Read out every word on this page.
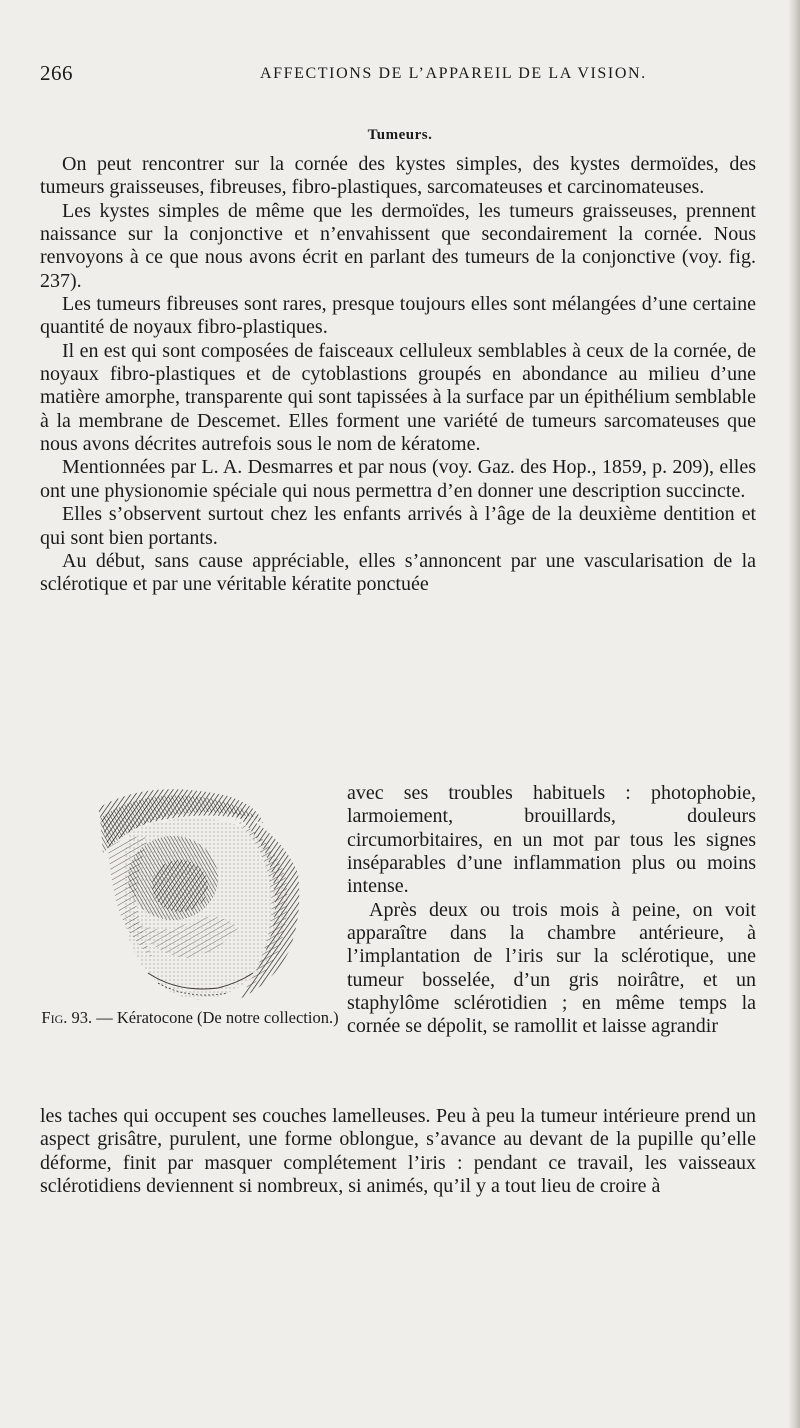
266	AFFECTIONS DE L’APPAREIL DE LA VISION.
Tumeurs.

On peut rencontrer sur la cornée des kystes simples, des kystes dermoïdes, des tumeurs graisseuses, fibreuses, fibro-plastiques, sarcomateuses et carcinomateuses.

Les kystes simples de même que les dermoïdes, les tumeurs graisseuses, prennent naissance sur la conjonctive et n’envahissent que secondairement la cornée. Nous renvoyons à ce que nous avons écrit en parlant des tumeurs de la conjonctive (voy. fig. 237).

Les tumeurs fibreuses sont rares, presque toujours elles sont mélangées d’une certaine quantité de noyaux fibro-plastiques.

Il en est qui sont composées de faisceaux celluleux semblables à ceux de la cornée, de noyaux fibro-plastiques et de cytoblastions groupés en abondance au milieu d’une matière amorphe, transparente qui sont tapissées à la surface par un épithélium semblable à la membrane de Descemet. Elles forment une variété de tumeurs sarcomateuses que nous avons décrites autrefois sous le nom de kératome.

Mentionnées par L. A. Desmarres et par nous (voy. Gaz. des Hop., 1859, p. 209), elles ont une physionomie spéciale qui nous permettra d’en donner une description succincte.

Elles s’observent surtout chez les enfants arrivés à l’âge de la deuxième dentition et qui sont bien portants.

Au début, sans cause appréciable, elles s’annoncent par une vascularisation de la sclérotique et par une véritable kératite ponctuée

Fig. 93. — Kératocone (De notre collection.)

avec ses troubles habituels : photophobie, larmoiement, brouillards, douleurs circumorbitaires, en un mot par tous les signes inséparables d’une inflammation plus ou moins intense.

Après deux ou trois mois à peine, on voit apparaître dans la chambre antérieure, à l’implantation de l’iris sur la sclérotique, une tumeur bosselée, d’un gris noirâtre, et un staphylôme sclérotidien ; en même temps la cornée se dépolit, se ramollit et laisse agrandir

les taches qui occupent ses couches lamelleuses. Peu à peu la tumeur intérieure prend un aspect grisâtre, purulent, une forme oblongue, s’avance au devant de la pupille qu’elle déforme, finit par masquer complétement l’iris : pendant ce travail, les vaisseaux sclérotidiens deviennent si nombreux, si animés, qu’il y a tout lieu de croire à
